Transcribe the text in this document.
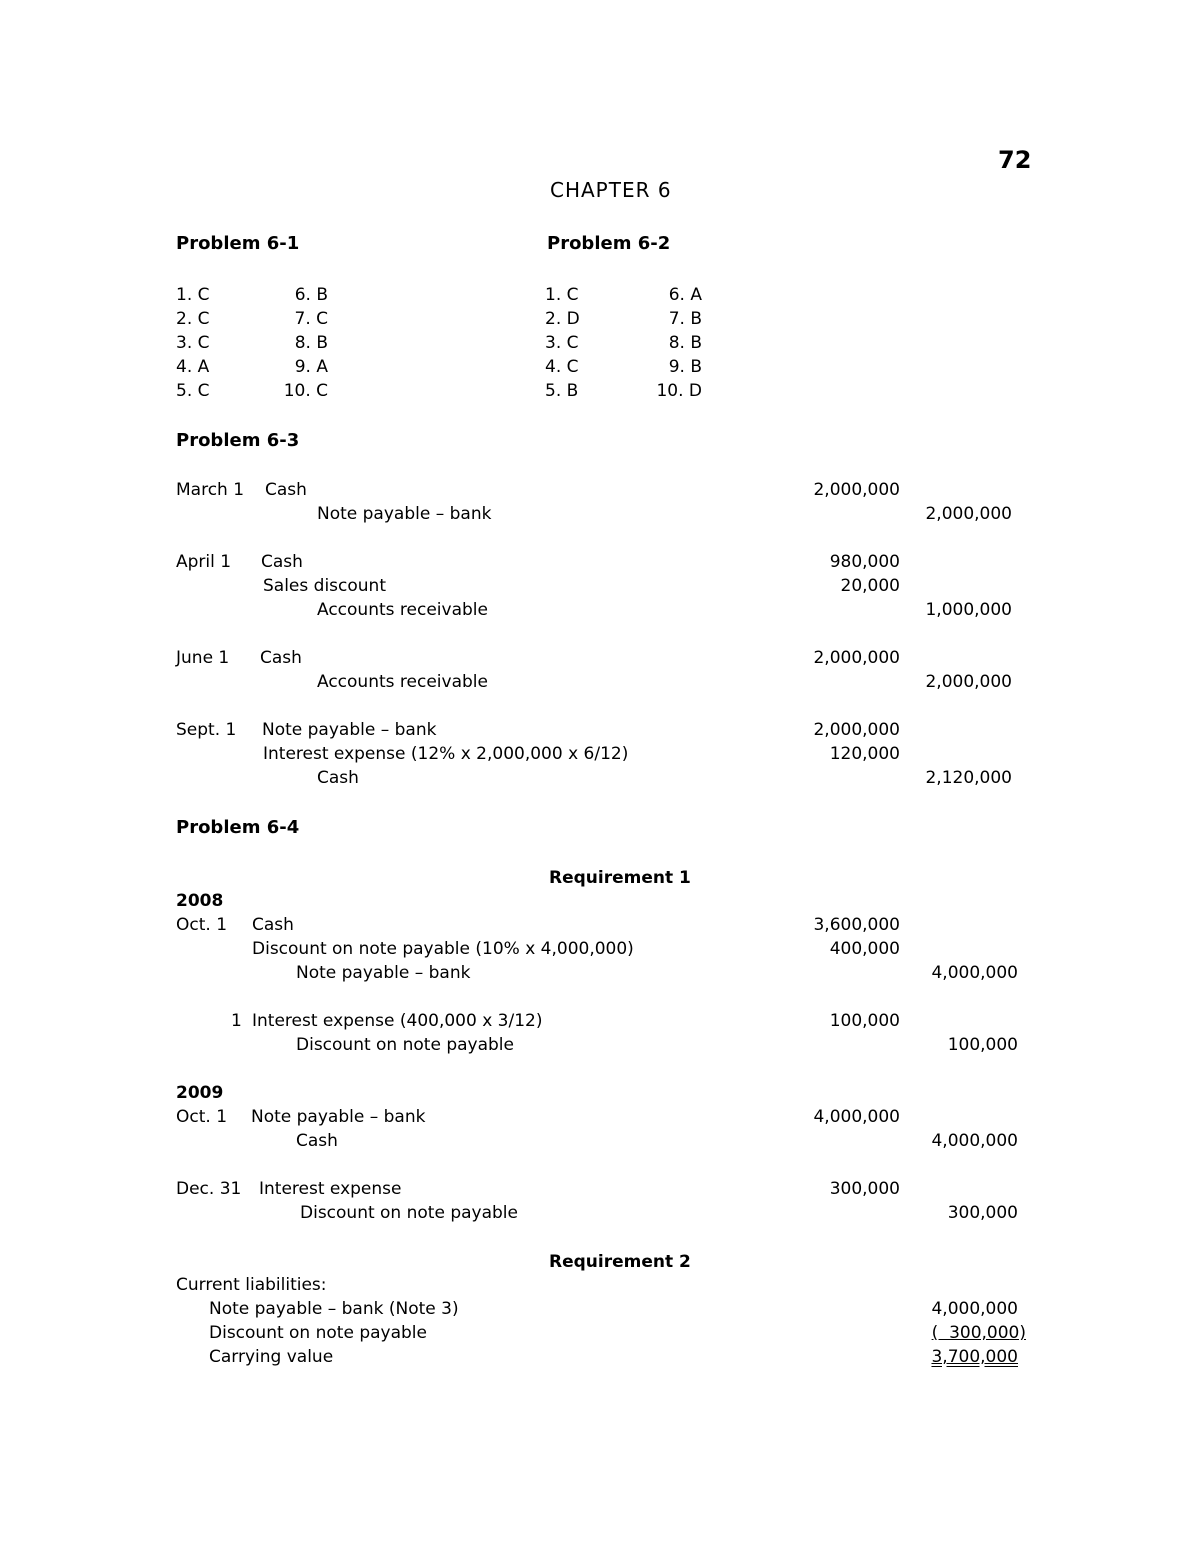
72
CHAPTER 6
Problem 6-1
1. C
2. C
3. C
4. A
5. C
6. B
7. C
8. B
9. A
10. C
Problem 6-2
1. C
2. D
3. C
4. C
5. B
6. A
7. B
8. B
9. B
10. D
Problem 6-3
March 1 Cash	2,000,000
Note payable – bank	2,000,000
April 1 Cash	980,000
Sales discount	20,000
Accounts receivable	1,000,000
June 1 Cash	2,000,000
Accounts receivable	2,000,000
Sept. 1 Note payable – bank	2,000,000
Interest expense (12% x 2,000,000 x 6/12)	120,000
Cash	2,120,000
Problem 6-4
Requirement 1
2008
Oct. 1 Cash	3,600,000
Discount on note payable (10% x 4,000,000)	400,000
Note payable – bank	4,000,000
1 Interest expense (400,000 x 3/12)	100,000
Discount on note payable	100,000
2009
Oct. 1 Note payable – bank	4,000,000
Cash	4,000,000
Dec. 31 Interest expense	300,000
Discount on note payable	300,000
Requirement 2
Current liabilities:
Note payable – bank (Note 3)	4,000,000
Discount on note payable	(  300,000)
Carrying value	3,700,000
